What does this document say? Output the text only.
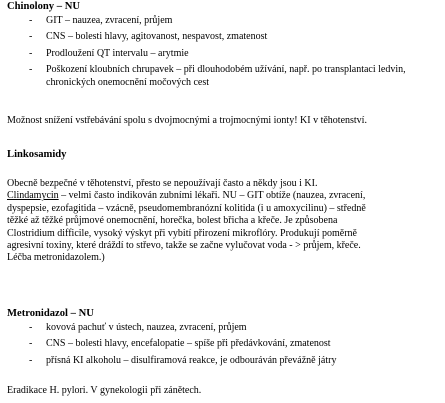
Chinolony – NU
- GIT – nauzea, zvracení, průjem
- CNS – bolesti hlavy, agitovanost, nespavost, zmatenost
- Prodloužení QT intervalu – arytmie
- Poškození kloubních chrupavek – při dlouhodobém užívání, např. po transplantaci ledvin,
chronických onemocnění močových cest
Možnost snížení vstřebávání spolu s dvojmocnými a trojmocnými ionty! KI v těhotenství.
Linkosamidy
Obecně bezpečné v těhotenství, přesto se nepoužívají často a někdy jsou i KI.
Clindamycin – velmi často indikován zubními lékaři. NU – GIT obtíže (nauzea, zvracení,
dyspepsie, ezofagitida – vzácně, pseudomembranózní kolitida (i u amoxycilinu) – středně
těžké až těžké průjmové onemocnění, horečka, bolest břicha a křeče. Je způsobena
Clostridium difficile, vysoký výskyt při vybití přirození mikroflóry. Produkují poměrně
agresivní toxiny, které dráždí to střevo, takže se začne vylučovat voda - > průjem, křeče.
Léčba metronidazolem.)
Metronidazol – NU
- kovová pachuť v ústech, nauzea, zvracení, průjem
- CNS – bolesti hlavy, encefalopatie – spíše při předávkování, zmatenost
- přísná KI alkoholu – disulfiramová reakce, je odbouráván převážně játry
Eradikace H. pylori. V gynekologii při zánětech.
